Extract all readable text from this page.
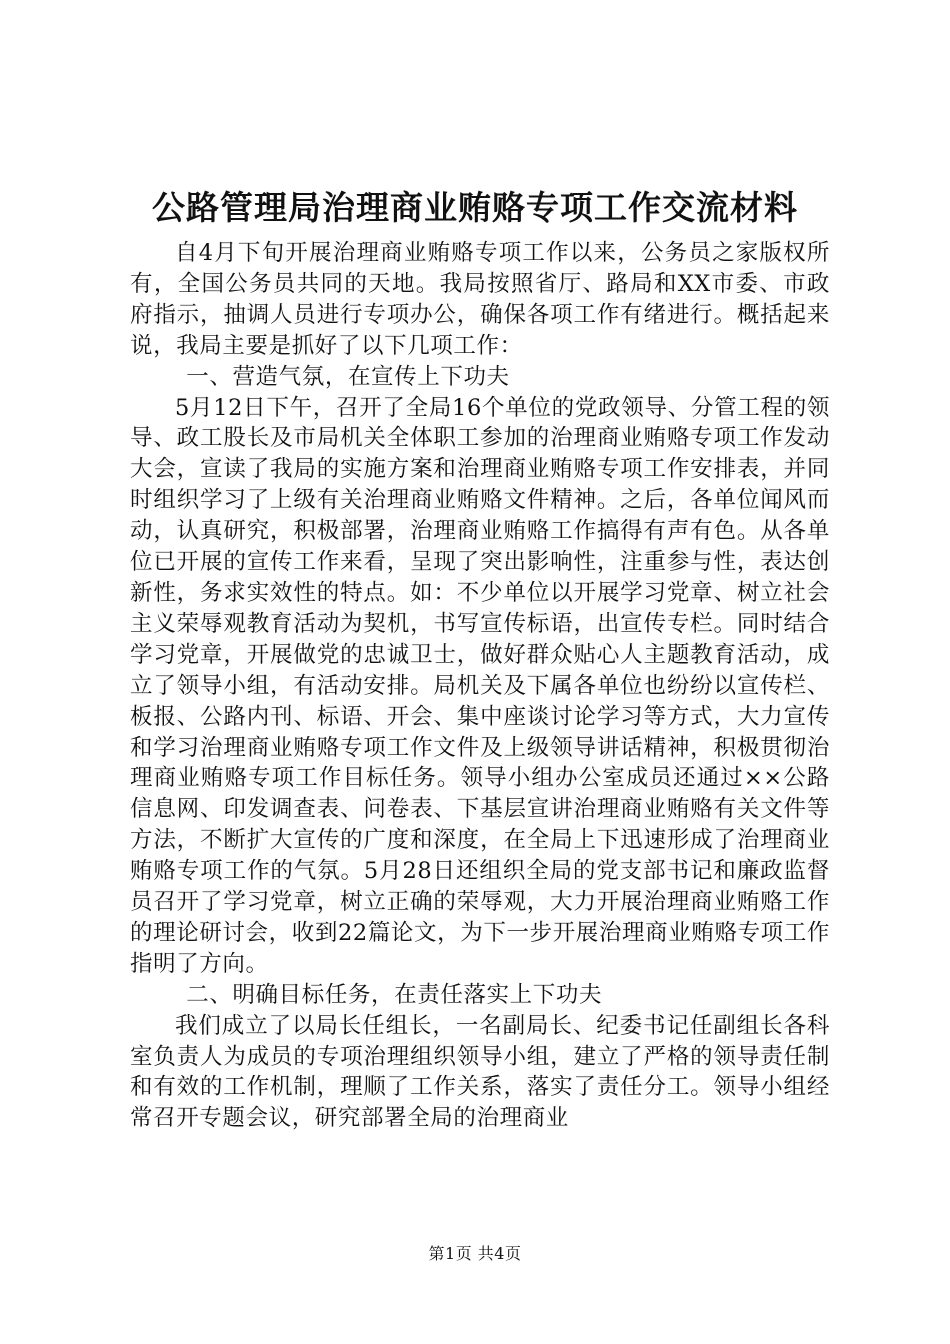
公路管理局治理商业贿赂专项工作交流材料

自4月下旬开展治理商业贿赂专项工作以来，公务员之家版权所有，全国公务员共同的天地。我局按照省厅、路局和XX市委、市政府指示，抽调人员进行专项办公，确保各项工作有绪进行。概括起来说，我局主要是抓好了以下几项工作：

一、营造气氛，在宣传上下功夫

5月12日下午，召开了全局16个单位的党政领导、分管工程的领导、政工股长及市局机关全体职工参加的治理商业贿赂专项工作发动大会，宣读了我局的实施方案和治理商业贿赂专项工作安排表，并同时组织学习了上级有关治理商业贿赂文件精神。之后，各单位闻风而动，认真研究，积极部署，治理商业贿赂工作搞得有声有色。从各单位已开展的宣传工作来看，呈现了突出影响性，注重参与性，表达创新性，务求实效性的特点。如：不少单位以开展学习党章、树立社会主义荣辱观教育活动为契机，书写宣传标语，出宣传专栏。同时结合学习党章，开展做党的忠诚卫士，做好群众贴心人主题教育活动，成立了领导小组，有活动安排。局机关及下属各单位也纷纷以宣传栏、板报、公路内刊、标语、开会、集中座谈讨论学习等方式，大力宣传和学习治理商业贿赂专项工作文件及上级领导讲话精神，积极贯彻治理商业贿赂专项工作目标任务。领导小组办公室成员还通过××公路信息网、印发调查表、问卷表、下基层宣讲治理商业贿赂有关文件等方法，不断扩大宣传的广度和深度，在全局上下迅速形成了治理商业贿赂专项工作的气氛。5月28日还组织全局的党支部书记和廉政监督员召开了学习党章，树立正确的荣辱观，大力开展治理商业贿赂工作的理论研讨会，收到22篇论文，为下一步开展治理商业贿赂专项工作指明了方向。

二、明确目标任务，在责任落实上下功夫

我们成立了以局长任组长，一名副局长、纪委书记任副组长各科室负责人为成员的专项治理组织领导小组，建立了严格的领导责任制和有效的工作机制，理顺了工作关系，落实了责任分工。领导小组经常召开专题会议，研究部署全局的治理商业

第1页 共4页
